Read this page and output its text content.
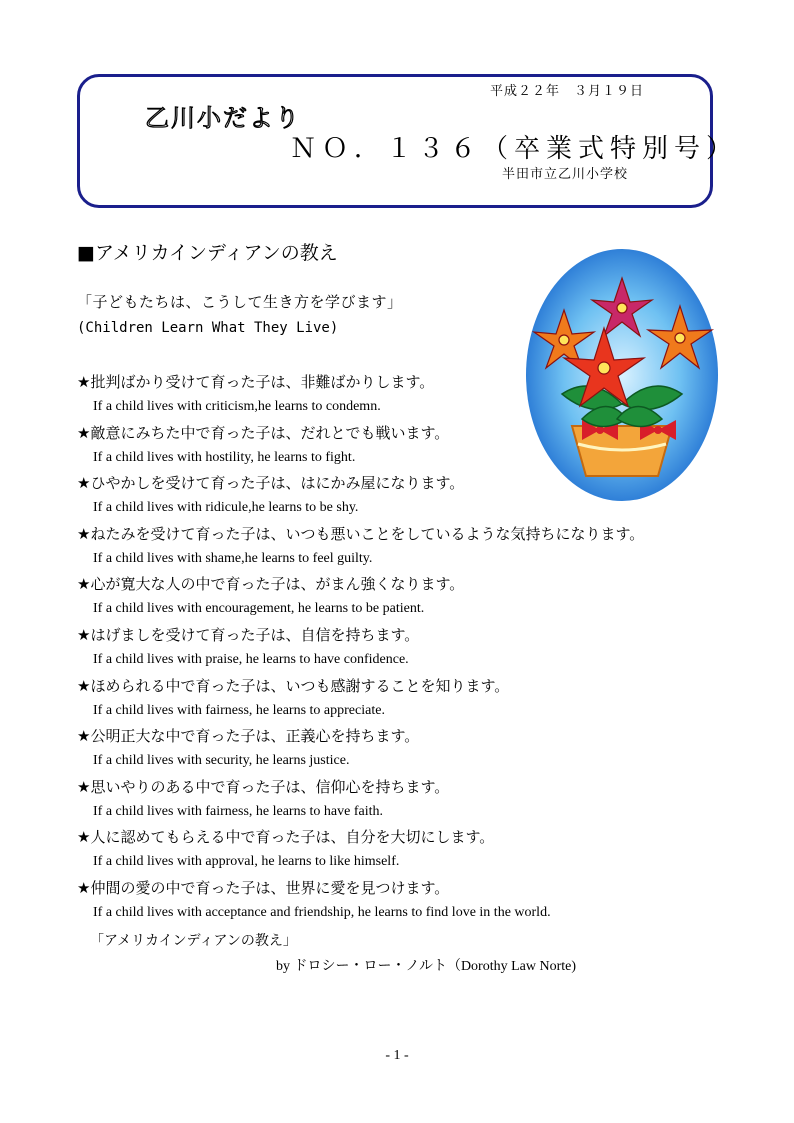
平成２２年　３月１９日
乙川小だより
ＮＯ．１３６（卒業式特別号）
半田市立乙川小学校
■アメリカインディアンの教え
「子どもたちは、こうして生き方を学びます」
(Children Learn What They Live)
★批判ばかり受けて育った子は、非難ばかりします。
If a child lives with criticism,he learns to condemn.
★敵意にみちた中で育った子は、だれとでも戦います。
If a child lives with hostility, he learns to fight.
★ひやかしを受けて育った子は、はにかみ屋になります。
If a child lives with ridicule,he learns to be shy.
★ねたみを受けて育った子は、いつも悪いことをしているような気持ちになります。
If a child lives with shame,he learns to feel guilty.
★心が寛大な人の中で育った子は、がまん強くなります。
If a child lives with encouragement, he learns to be patient.
★はげましを受けて育った子は、自信を持ちます。
If a child lives with praise, he learns to have confidence.
★ほめられる中で育った子は、いつも感謝することを知ります。
If a child lives with fairness, he learns to appreciate.
★公明正大な中で育った子は、正義心を持ちます。
If a child lives with security, he learns justice.
★思いやりのある中で育った子は、信仰心を持ちます。
If a child lives with fairness, he learns to have faith.
★人に認めてもらえる中で育った子は、自分を大切にします。
If a child lives with approval, he learns to like himself.
★仲間の愛の中で育った子は、世界に愛を見つけます。
If a child lives with acceptance and friendship, he learns to find love in the world.
「アメリカインディアンの教え」
by ドロシー・ロー・ノルト（Dorothy Law Norte)
- 1 -
